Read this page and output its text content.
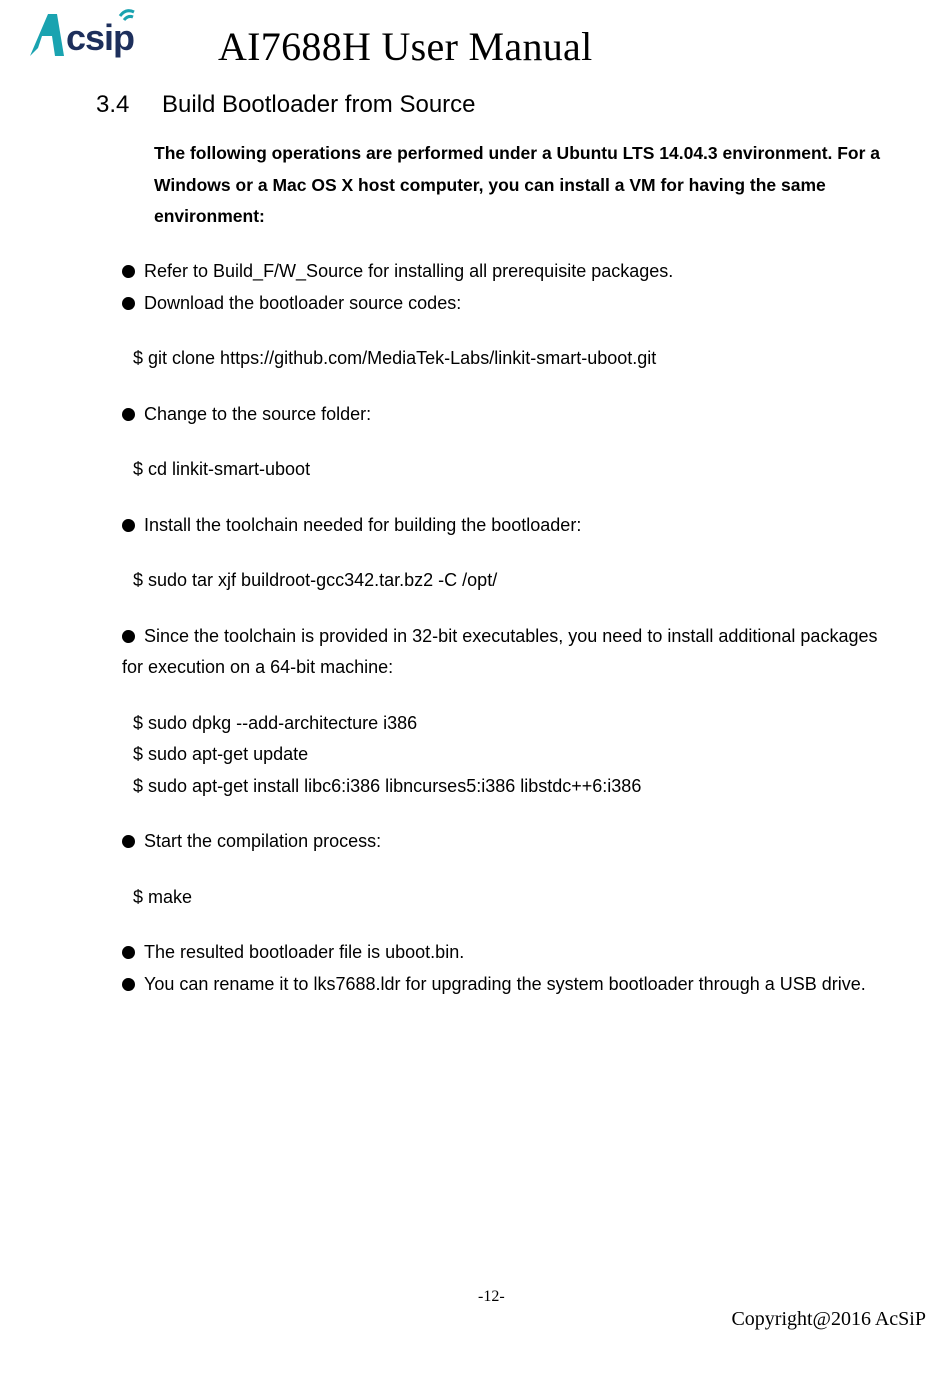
csip AI7688H User Manual
3.4 Build Bootloader from Source
The following operations are performed under a Ubuntu LTS 14.04.3 environment. For a Windows or a Mac OS X host computer, you can install a VM for having the same environment:
Refer to Build_F/W_Source for installing all prerequisite packages.
Download the bootloader source codes:
$ git clone https://github.com/MediaTek-Labs/linkit-smart-uboot.git
Change to the source folder:
$ cd linkit-smart-uboot
Install the toolchain needed for building the bootloader:
$ sudo tar xjf buildroot-gcc342.tar.bz2 -C /opt/
Since the toolchain is provided in 32-bit executables, you need to install additional packages for execution on a 64-bit machine:
$ sudo dpkg --add-architecture i386
$ sudo apt-get update
$ sudo apt-get install libc6:i386 libncurses5:i386 libstdc++6:i386
Start the compilation process:
$ make
The resulted bootloader file is uboot.bin.
You can rename it to lks7688.ldr for upgrading the system bootloader through a USB drive.
-12-
Copyright@2016 AcSiP
